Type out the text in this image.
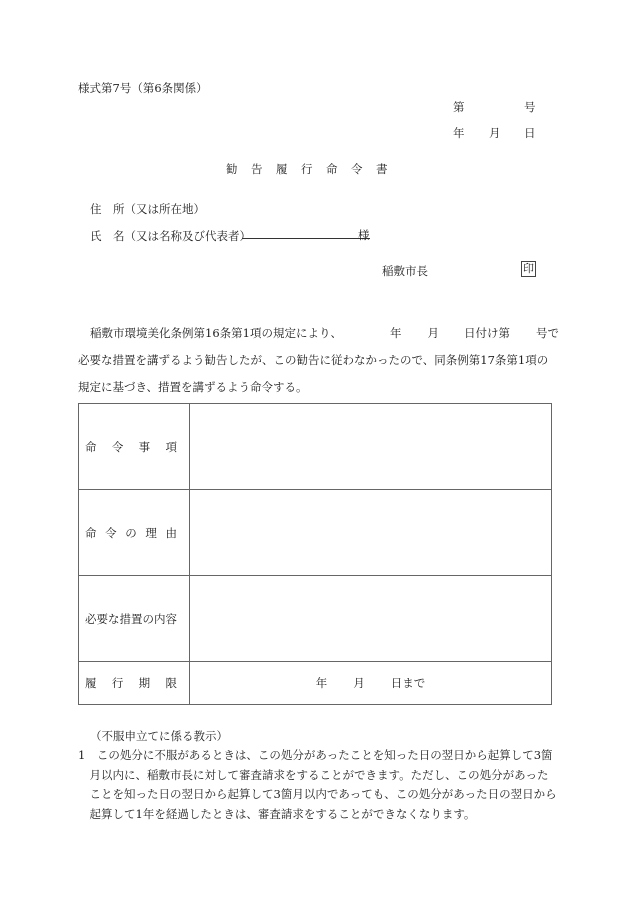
様式第7号（第6条関係）
第	号
年 月 日
勧 告 履 行 命 令 書
住　所（又は所在地）
氏　名（又は名称及び代表者）	様
稲敷市長	印
稲敷市環境美化条例第16条第1項の規定により、	年 月 日付け第 号で
必要な措置を講ずるよう勧告したが、この勧告に従わなかったので、同条例第17条第1項の
規定に基づき、措置を講ずるよう命令する。
命 令 事 項	

命 令 の 理 由	

必要な措置の内容	

履 行 期 限	年 月 日まで
（不服申立てに係る教示）
1　この処分に不服があるときは、この処分があったことを知った日の翌日から起算して3箇
　月以内に、稲敷市長に対して審査請求をすることができます。ただし、この処分があった
　ことを知った日の翌日から起算して3箇月以内であっても、この処分があった日の翌日から
　起算して1年を経過したときは、審査請求をすることができなくなります。
